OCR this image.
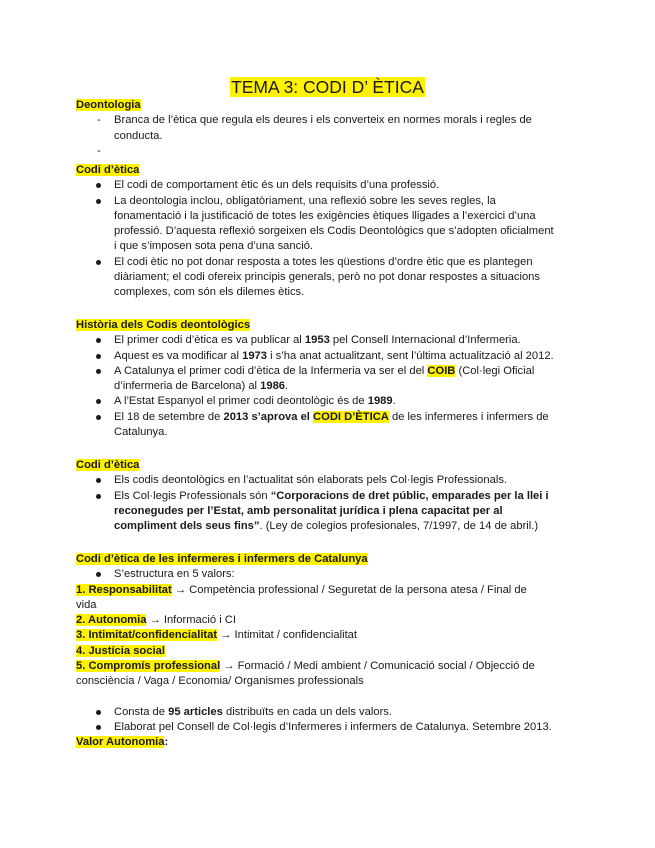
TEMA 3: CODI D’ ÈTICA
Deontologia
- Branca de l’ètica que regula els deures i els converteix en normes morals i regles de
conducta.
-
Codi d’ètica
El codi de comportament ètic és un dels requisits d’una professió.
La deontologia inclou, obligatòriament, una reflexió sobre les seves regles, la
fonamentació i la justificació de totes les exigències ètiques lligades a l’exercici d’una
professió. D’aquesta reflexió sorgeixen els Codis Deontològics que s’adopten oficialment
i que s’imposen sota pena d’una sanció.
El codi ètic no pot donar resposta a totes les qüestions d’ordre ètic que es plantegen
diàriament; el codi ofereix principis generals, però no pot donar respostes a situacions
complexes, com són els dilemes ètics.
Història dels Codis deontològics
El primer codi d’ètica es va publicar al 1953 pel Consell Internacional d’Infermeria.
Aquest es va modificar al 1973 i s’ha anat actualitzant, sent l’última actualització al 2012.
A Catalunya el primer codi d’ètica de la Infermeria va ser el del COIB (Col·legi Oficial
d’infermeria de Barcelona) al 1986.
A l’Estat Espanyol el primer codi deontològic és de 1989.
El 18 de setembre de 2013 s’aprova el CODI D’ÈTICA de les infermeres i infermers de
Catalunya.
Codi d’ètica
Els codis deontològics en l’actualitat són elaborats pels Col·legis Professionals.
Els Col·legis Professionals són “Corporacions de dret públic, emparades per la llei i
reconegudes per l’Estat, amb personalitat jurídica i plena capacitat per al
compliment dels seus fins”. (Ley de colegios profesionales, 7/1997, de 14 de abril.)
Codi d’ètica de les infermeres i infermers de Catalunya
S’estructura en 5 valors:
1. Responsabilitat → Competència professional / Seguretat de la persona atesa / Final de
vida
2. Autonomia → Informació i CI
3. Intimitat/confidencialitat → Intimitat / confidencialitat
4. Justícia social
5. Compromís professional → Formació / Medi ambient / Comunicació social / Objecció de
consciència / Vaga / Economia/ Organismes professionals
Consta de 95 articles distribuïts en cada un dels valors.
Elaborat pel Consell de Col·legis d’Infermeres i infermers de Catalunya. Setembre 2013.
Valor Autonomia:
